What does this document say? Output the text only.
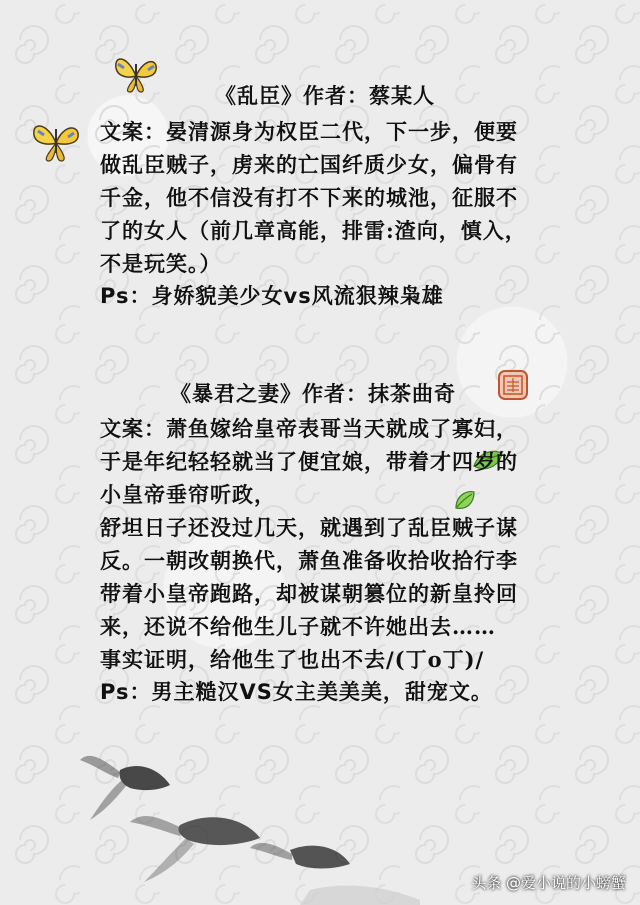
《乱臣》作者：蔡某人
文案：晏清源身为权臣二代，下一步，便要
做乱臣贼子，虏来的亡国纤质少女，偏骨有
千金，他不信没有打不下来的城池，征服不
了的女人（前几章高能，排雷:渣向，慎入，
不是玩笑。）
Ps：身娇貌美少女vs风流狠辣枭雄
《暴君之妻》作者：抹茶曲奇
文案：萧鱼嫁给皇帝表哥当天就成了寡妇，
于是年纪轻轻就当了便宜娘，带着才四岁的
小皇帝垂帘听政，
舒坦日子还没过几天，就遇到了乱臣贼子谋
反。一朝改朝换代，萧鱼准备收拾收拾行李
带着小皇帝跑路，却被谋朝篡位的新皇拎回
来，还说不给他生儿子就不许她出去……
事实证明，给他生了也出不去/(丁o丁)/
Ps：男主糙汉VS女主美美美，甜宠文。
头条 @爱小说的小螃蟹
